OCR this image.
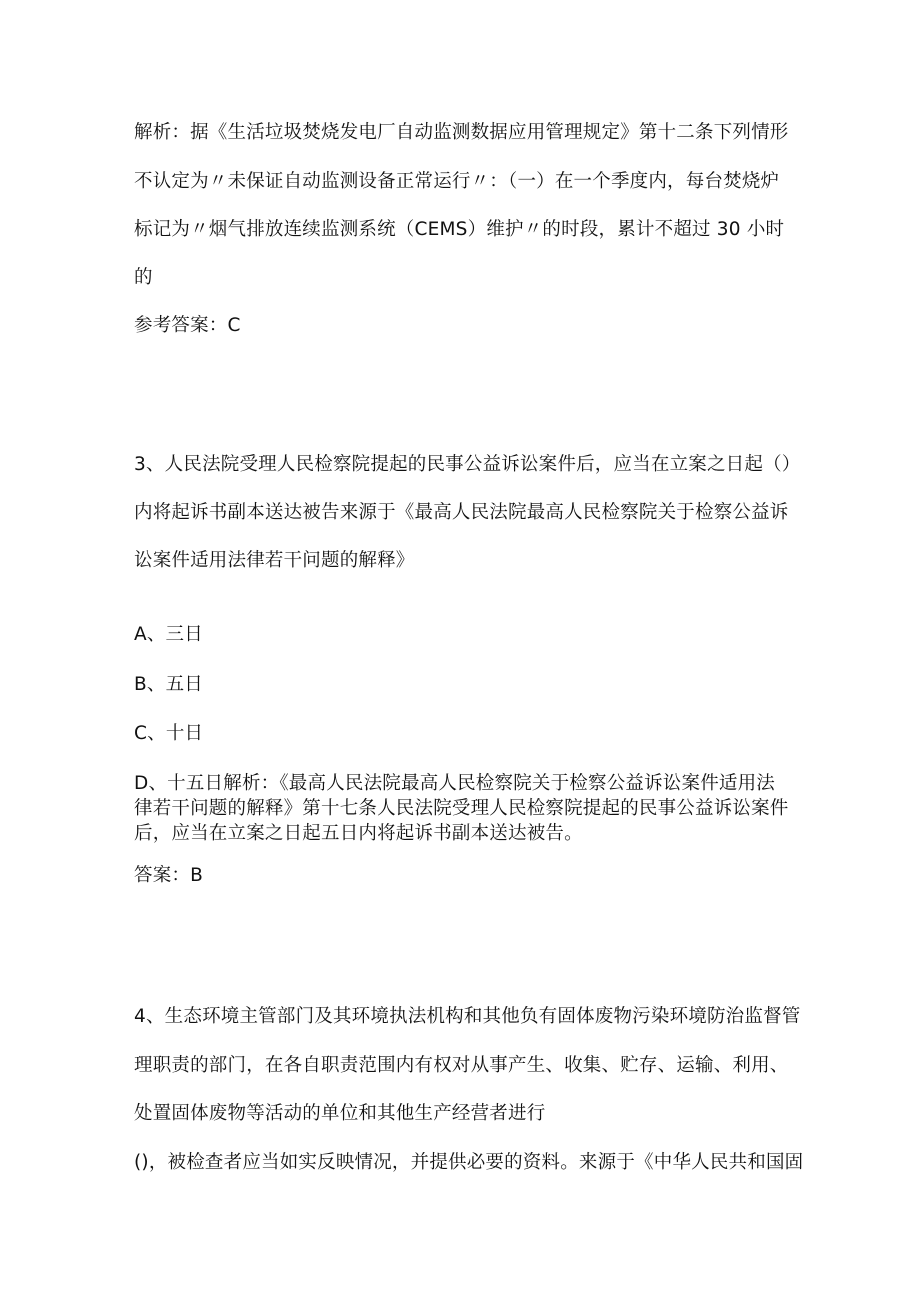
解析：据《生活垃圾焚烧发电厂自动监测数据应用管理规定》第十二条下列情形
不认定为〃未保证自动监测设备正常运行〃：（一）在一个季度内，每台焚烧炉
标记为〃烟气排放连续监测系统（CEMS）维护〃的时段，累计不超过 30 小时
的
参考答案：C
3、人民法院受理人民检察院提起的民事公益诉讼案件后，应当在立案之日起（）
内将起诉书副本送达被告来源于《最高人民法院最高人民检察院关于检察公益诉
讼案件适用法律若干问题的解释》
A、三日
B、五日
C、十日
D、十五日解析：《最高人民法院最高人民检察院关于检察公益诉讼案件适用法
律若干问题的解释》第十七条人民法院受理人民检察院提起的民事公益诉讼案件
后，应当在立案之日起五日内将起诉书副本送达被告。
答案：B
4、生态环境主管部门及其环境执法机构和其他负有固体废物污染环境防治监督管
理职责的部门，在各自职责范围内有权对从事产生、收集、贮存、运输、利用、
处置固体废物等活动的单位和其他生产经营者进行
()，被检查者应当如实反映情况，并提供必要的资料。来源于《中华人民共和国固
